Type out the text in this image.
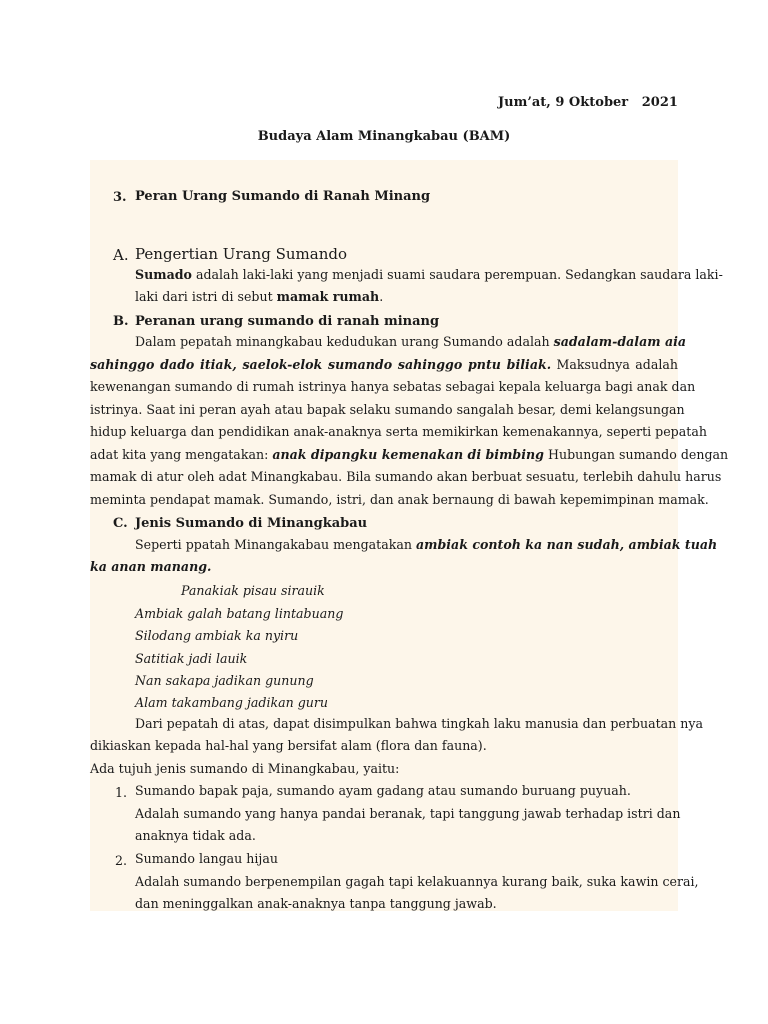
Jum’at, 9 Oktober   2021
Budaya Alam Minangkabau (BAM)
3. Peran Urang Sumando di Ranah Minang
A. Pengertian Urang Sumando
Sumado adalah laki-laki yang menjadi suami saudara perempuan. Sedangkan saudara laki-
laki dari istri di sebut mamak rumah.
B. Peranan urang sumando di ranah minang
Dalam pepatah minangkabau kedudukan urang Sumando adalah sadalam-dalam aia
sahinggo dado itiak, saelok-elok sumando sahinggo pntu biliak. Maksudnya adalah
kewenangan sumando di rumah istrinya hanya sebatas sebagai kepala keluarga bagi anak dan
istrinya. Saat ini peran ayah atau bapak selaku sumando sangalah besar, demi kelangsungan
hidup keluarga dan pendidikan anak-anaknya serta memikirkan kemenakannya, seperti pepatah
adat kita yang mengatakan: anak dipangku kemenakan di bimbing Hubungan sumando dengan
mamak di atur oleh adat Minangkabau. Bila sumando akan berbuat sesuatu, terlebih dahulu harus
meminta pendapat mamak. Sumando, istri, dan anak bernaung di bawah kepemimpinan mamak.
C. Jenis Sumando di Minangkabau
Seperti ppatah Minangakabau mengatakan ambiak contoh ka nan sudah, ambiak tuah
ka anan manang.
Panakiak pisau sirauik
Ambiak galah batang lintabuang
Silodang ambiak ka nyiru
Satitiak jadi lauik
Nan sakapa jadikan gunung
Alam takambang jadikan guru
Dari pepatah di atas, dapat disimpulkan bahwa tingkah laku manusia dan perbuatan nya
dikiaskan kepada hal-hal yang bersifat alam (flora dan fauna).
Ada tujuh jenis sumando di Minangkabau, yaitu:
1. Sumando bapak paja, sumando ayam gadang atau sumando buruang puyuah.
Adalah sumando yang hanya pandai beranak, tapi tanggung jawab terhadap istri dan
anaknya tidak ada.
2. Sumando langau hijau
Adalah sumando berpenempilan gagah tapi kelakuannya kurang baik, suka kawin cerai,
dan meninggalkan anak-anaknya tanpa tanggung jawab.
